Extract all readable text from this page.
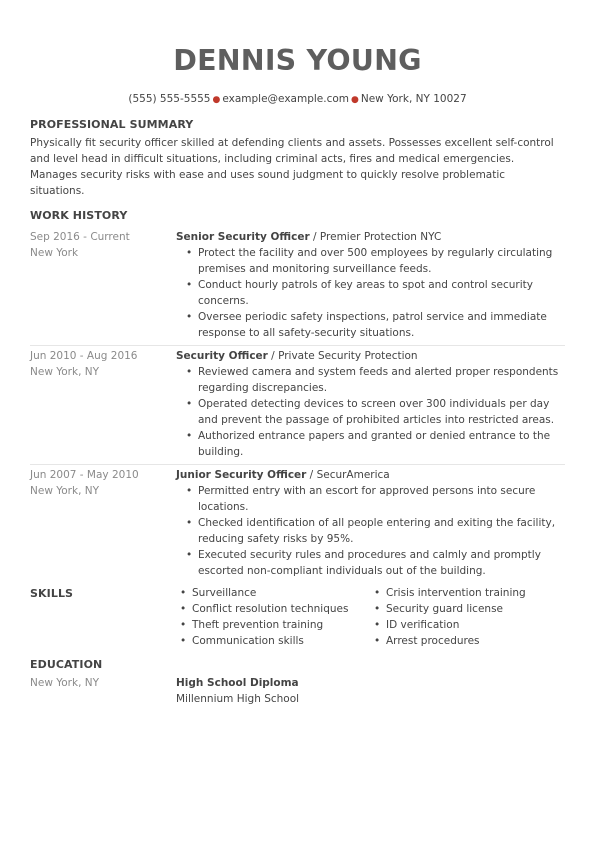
DENNIS YOUNG
(555) 555-5555 ● example@example.com ● New York, NY 10027
PROFESSIONAL SUMMARY
Physically fit security officer skilled at defending clients and assets. Possesses excellent self-control
and level head in difficult situations, including criminal acts, fires and medical emergencies.
Manages security risks with ease and uses sound judgment to quickly resolve problematic
situations.
WORK HISTORY
Sep 2016 - Current
New York
Senior Security Officer / Premier Protection NYC
• Protect the facility and over 500 employees by regularly circulating
premises and monitoring surveillance feeds.
• Conduct hourly patrols of key areas to spot and control security
concerns.
• Oversee periodic safety inspections, patrol service and immediate
response to all safety-security situations.
Jun 2010 - Aug 2016
New York, NY
Security Officer / Private Security Protection
• Reviewed camera and system feeds and alerted proper respondents
regarding discrepancies.
• Operated detecting devices to screen over 300 individuals per day
and prevent the passage of prohibited articles into restricted areas.
• Authorized entrance papers and granted or denied entrance to the
building.
Jun 2007 - May 2010
New York, NY
Junior Security Officer / SecurAmerica
• Permitted entry with an escort for approved persons into secure
locations.
• Checked identification of all people entering and exiting the facility,
reducing safety risks by 95%.
• Executed security rules and procedures and calmly and promptly
escorted non-compliant individuals out of the building.
SKILLS
•	Surveillance
• Conflict resolution techniques
• Theft prevention training
• Communication skills
• Crisis intervention training
• Security guard license
• ID verification
• Arrest procedures
EDUCATION
New York, NY	High School Diploma
Millennium High School
